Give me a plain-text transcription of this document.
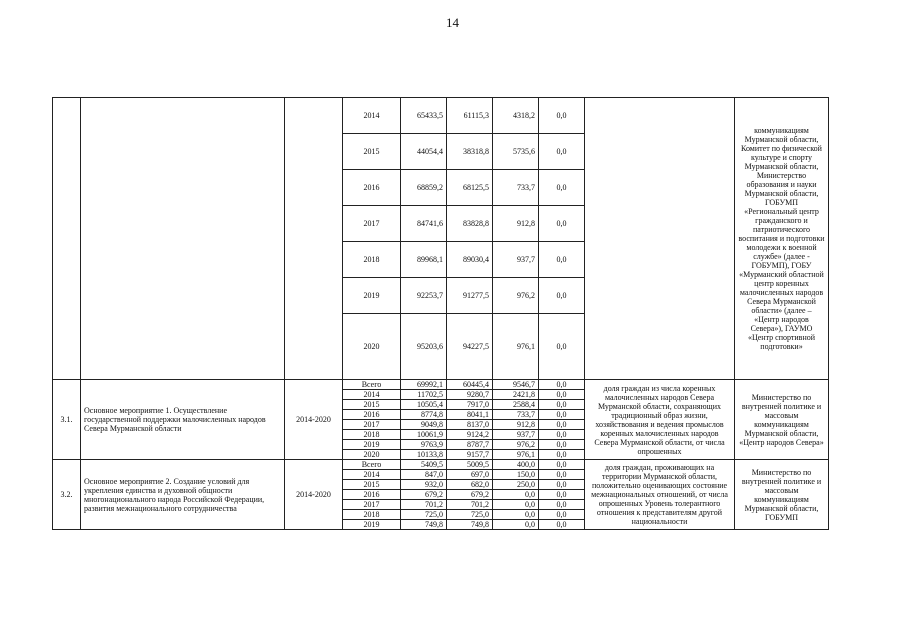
14
			2014	65433,5	61115,3	4318,2	0,0		коммуникациям Мурманской области, Комитет по физической культуре и спорту Мурманской области, Министерство образования и науки Мурманской области, ГОБУМП «Региональный центр гражданского и патриотического воспитания и подготовки молодежи к военной службе» (далее - ГОБУМП), ГОБУ «Мурманский областной центр коренных малочисленных народов Севера Мурманской области» (далее – «Центр народов Севера»), ГАУМО «Центр спортивной подготовки»
			2015	44054,4	38318,8	5735,6	0,0		
			2016	68859,2	68125,5	733,7	0,0		
			2017	84741,6	83828,8	912,8	0,0		
			2018	89968,1	89030,4	937,7	0,0		
			2019	92253,7	91277,5	976,2	0,0		
			2020	95203,6	94227,5	976,1	0,0		
3.1.	Основное мероприятие 1. Осуществление государственной поддержки малочисленных народов Севера Мурманской области	2014-2020	Всего	69992,1	60445,4	9546,7	0,0	доля граждан из числа коренных малочисленных народов Севера Мурманской области, сохраняющих традиционный образ жизни, хозяйствования и ведения промыслов коренных малочисленных народов Севера Мурманской области, от числа опрошенных	Министерство по внутренней политике и массовым коммуникациям Мурманской области, «Центр народов Севера»
			2014	11702,5	9280,7	2421,8	0,0		
			2015	10505,4	7917,0	2588,4	0,0		
			2016	8774,8	8041,1	733,7	0,0		
			2017	9049,8	8137,0	912,8	0,0		
			2018	10061,9	9124,2	937,7	0,0		
			2019	9763,9	8787,7	976,2	0,0		
			2020	10133,8	9157,7	976,1	0,0		
3.2.	Основное мероприятие 2. Создание условий для укрепления единства и духовной общности многонационального народа Российской Федерации, развития межнационального сотрудничества	2014-2020	Всего	5409,5	5009,5	400,0	0,0	доля граждан, проживающих на территории Мурманской области, положительно оценивающих состояние межнациональных отношений, от числа опрошенных Уровень толерантного отношения к представителям другой национальности	Министерство по внутренней политике и массовым коммуникациям Мурманской области, ГОБУМП
			2014	847,0	697,0	150,0	0,0		
			2015	932,0	682,0	250,0	0,0		
			2016	679,2	679,2	0,0	0,0		
			2017	701,2	701,2	0,0	0,0		
			2018	725,0	725,0	0,0	0,0		
			2019	749,8	749,8	0,0	0,0		
